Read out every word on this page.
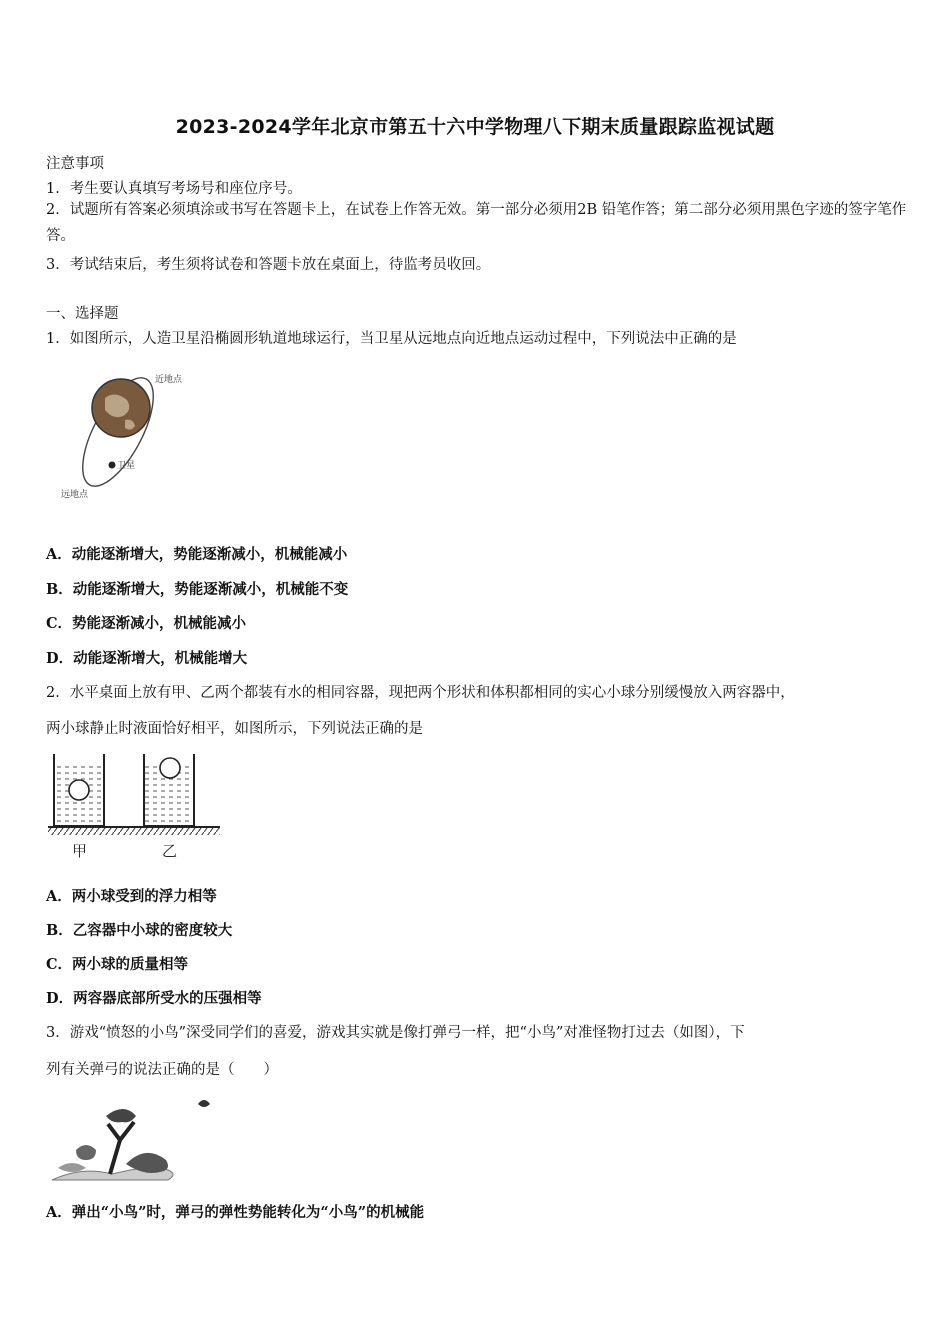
2023-2024学年北京市第五十六中学物理八下期末质量跟踪监视试题
注意事项
1．考生要认真填写考场号和座位序号。
2．试题所有答案必须填涂或书写在答题卡上，在试卷上作答无效。第一部分必须用2B 铅笔作答；第二部分必须用黑色字迹的签字笔作答。
3．考试结束后，考生须将试卷和答题卡放在桌面上，待监考员收回。
一、选择题
1．如图所示，人造卫星沿椭圆形轨道地球运行，当卫星从远地点向近地点运动过程中，下列说法中正确的是
近地点
卫星
远地点
A．动能逐渐增大，势能逐渐减小，机械能减小
B．动能逐渐增大，势能逐渐减小，机械能不变
C．势能逐渐减小，机械能减小
D．动能逐渐增大，机械能增大
2．水平桌面上放有甲、乙两个都装有水的相同容器，现把两个形状和体积都相同的实心小球分别缓慢放入两容器中，
两小球静止时液面恰好相平，如图所示，下列说法正确的是
甲	乙
A．两小球受到的浮力相等
B．乙容器中小球的密度较大
C．两小球的质量相等
D．两容器底部所受水的压强相等
3．游戏“愤怒的小鸟”深受同学们的喜爱，游戏其实就是像打弹弓一样，把“小鸟”对准怪物打过去（如图），下
列有关弹弓的说法正确的是（　　）
A．弹出“小鸟”时，弹弓的弹性势能转化为“小鸟”的机械能
